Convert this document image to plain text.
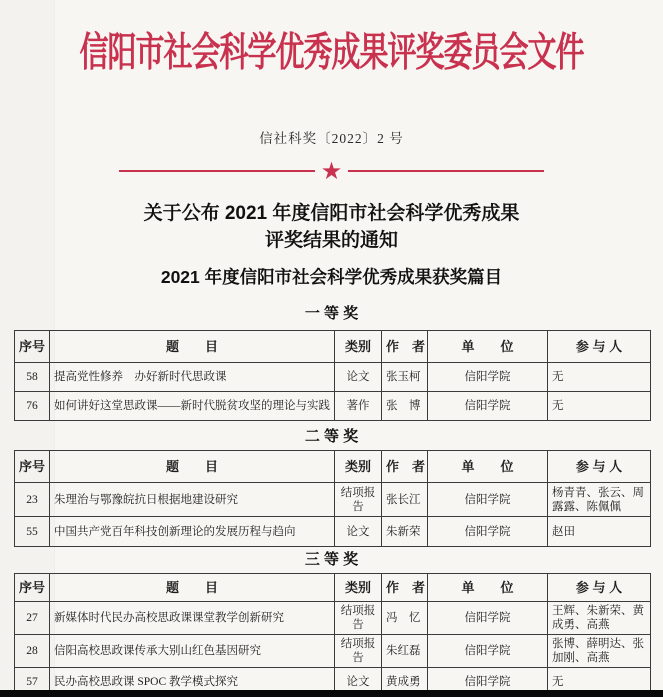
信阳市社会科学优秀成果评奖委员会文件
信社科奖〔2022〕2 号
★
关于公布 2021 年度信阳市社会科学优秀成果
评奖结果的通知
2021 年度信阳市社会科学优秀成果获奖篇目
一 等 奖
序号	题　　目	类别	作　者	单　　位	参 与 人
58	提高党性修养　办好新时代思政课	论文	张玉柯	信阳学院	无
76	如何讲好这堂思政课——新时代脱贫攻坚的理论与实践	著作	张　博	信阳学院	无
二 等 奖
序号	题　　目	类别	作　者	单　　位	参 与 人
23	朱理治与鄂豫皖抗日根据地建设研究	结项报告	张长江	信阳学院	杨青青、张云、周露露、陈佩佩
55	中国共产党百年科技创新理论的发展历程与趋向	论文	朱新荣	信阳学院	赵田
三 等 奖
序号	题　　目	类别	作　者	单　　位	参 与 人
27	新媒体时代民办高校思政课课堂教学创新研究	结项报告	冯　忆	信阳学院	王辉、朱新荣、黄成勇、高燕
28	信阳高校思政课传承大别山红色基因研究	结项报告	朱红磊	信阳学院	张博、薛明达、张加刚、高燕
57	民办高校思政课 SPOC 教学模式探究	论文	黄成勇	信阳学院	无
